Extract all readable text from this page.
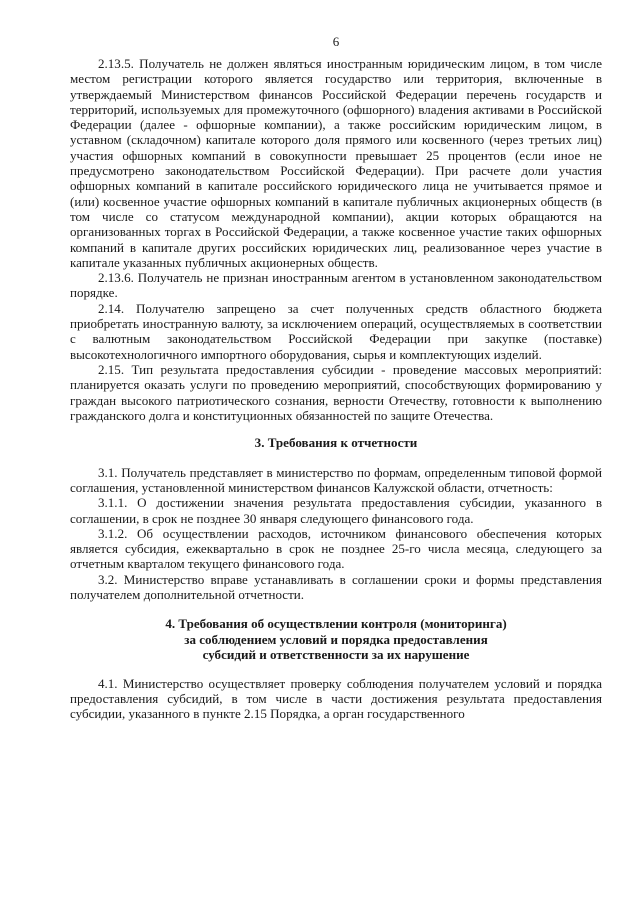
6

2.13.5. Получатель не должен являться иностранным юридическим лицом, в том числе местом регистрации которого является государство или территория, включенные в утверждаемый Министерством финансов Российской Федерации перечень государств и территорий, используемых для промежуточного (офшорного) владения активами в Российской Федерации (далее - офшорные компании), а также российским юридическим лицом, в уставном (складочном) капитале которого доля прямого или косвенного (через третьих лиц) участия офшорных компаний в совокупности превышает 25 процентов (если иное не предусмотрено законодательством Российской Федерации). При расчете доли участия офшорных компаний в капитале российского юридического лица не учитывается прямое и (или) косвенное участие офшорных компаний в капитале публичных акционерных обществ (в том числе со статусом международной компании), акции которых обращаются на организованных торгах в Российской Федерации, а также косвенное участие таких офшорных компаний в капитале других российских юридических лиц, реализованное через участие в капитале указанных публичных акционерных обществ.

2.13.6. Получатель не признан иностранным агентом в установленном законодательством порядке.

2.14. Получателю запрещено за счет полученных средств областного бюджета приобретать иностранную валюту, за исключением операций, осуществляемых в соответствии с валютным законодательством Российской Федерации при закупке (поставке) высокотехнологичного импортного оборудования, сырья и комплектующих изделий.

2.15. Тип результата предоставления субсидии - проведение массовых мероприятий: планируется оказать услуги по проведению мероприятий, способствующих формированию у граждан высокого патриотического сознания, верности Отечеству, готовности к выполнению гражданского долга и конституционных обязанностей по защите Отечества.

3. Требования к отчетности

3.1. Получатель представляет в министерство по формам, определенным типовой формой соглашения, установленной министерством финансов Калужской области, отчетность:

3.1.1. О достижении значения результата предоставления субсидии, указанного в соглашении, в срок не позднее 30 января следующего финансового года.

3.1.2. Об осуществлении расходов, источником финансового обеспечения которых является субсидия, ежеквартально в срок не позднее 25-го числа месяца, следующего за отчетным кварталом текущего финансового года.

3.2. Министерство вправе устанавливать в соглашении сроки и формы представления получателем дополнительной отчетности.

4. Требования об осуществлении контроля (мониторинга)
за соблюдением условий и порядка предоставления
субсидий и ответственности за их нарушение

4.1. Министерство осуществляет проверку соблюдения получателем условий и порядка предоставления субсидий, в том числе в части достижения результата предоставления субсидии, указанного в пункте 2.15 Порядка, а орган государственного
